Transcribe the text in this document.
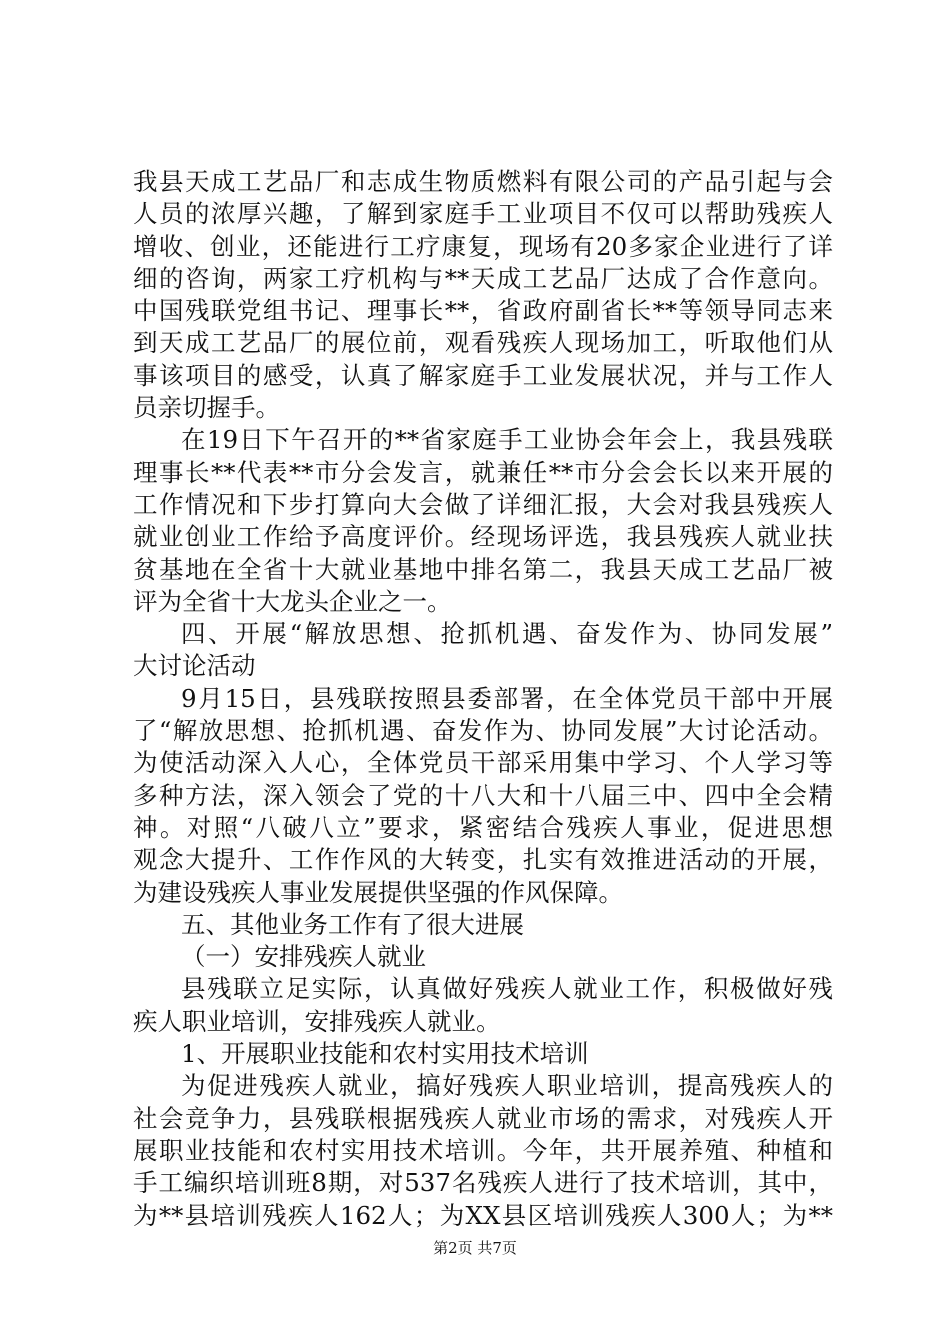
我县天成工艺品厂和志成生物质燃料有限公司的产品引起与会
人员的浓厚兴趣，了解到家庭手工业项目不仅可以帮助残疾人
增收、创业，还能进行工疗康复，现场有20多家企业进行了详
细的咨询，两家工疗机构与**天成工艺品厂达成了合作意向。
中国残联党组书记、理事长**，省政府副省长**等领导同志来
到天成工艺品厂的展位前，观看残疾人现场加工，听取他们从
事该项目的感受，认真了解家庭手工业发展状况，并与工作人
员亲切握手。
在19日下午召开的**省家庭手工业协会年会上，我县残联
理事长**代表**市分会发言，就兼任**市分会会长以来开展的
工作情况和下步打算向大会做了详细汇报，大会对我县残疾人
就业创业工作给予高度评价。经现场评选，我县残疾人就业扶
贫基地在全省十大就业基地中排名第二，我县天成工艺品厂被
评为全省十大龙头企业之一。
四、开展“解放思想、抢抓机遇、奋发作为、协同发展”
大讨论活动
9月15日，县残联按照县委部署，在全体党员干部中开展
了“解放思想、抢抓机遇、奋发作为、协同发展”大讨论活动。
为使活动深入人心，全体党员干部采用集中学习、个人学习等
多种方法，深入领会了党的十八大和十八届三中、四中全会精
神。对照“八破八立”要求，紧密结合残疾人事业，促进思想
观念大提升、工作作风的大转变，扎实有效推进活动的开展，
为建设残疾人事业发展提供坚强的作风保障。
五、其他业务工作有了很大进展
（一）安排残疾人就业
县残联立足实际，认真做好残疾人就业工作，积极做好残
疾人职业培训，安排残疾人就业。
1、开展职业技能和农村实用技术培训
为促进残疾人就业，搞好残疾人职业培训，提高残疾人的
社会竞争力，县残联根据残疾人就业市场的需求，对残疾人开
展职业技能和农村实用技术培训。今年，共开展养殖、种植和
手工编织培训班8期，对537名残疾人进行了技术培训，其中，
为**县培训残疾人162人；为XX县区培训残疾人300人；为**
第2页 共7页
